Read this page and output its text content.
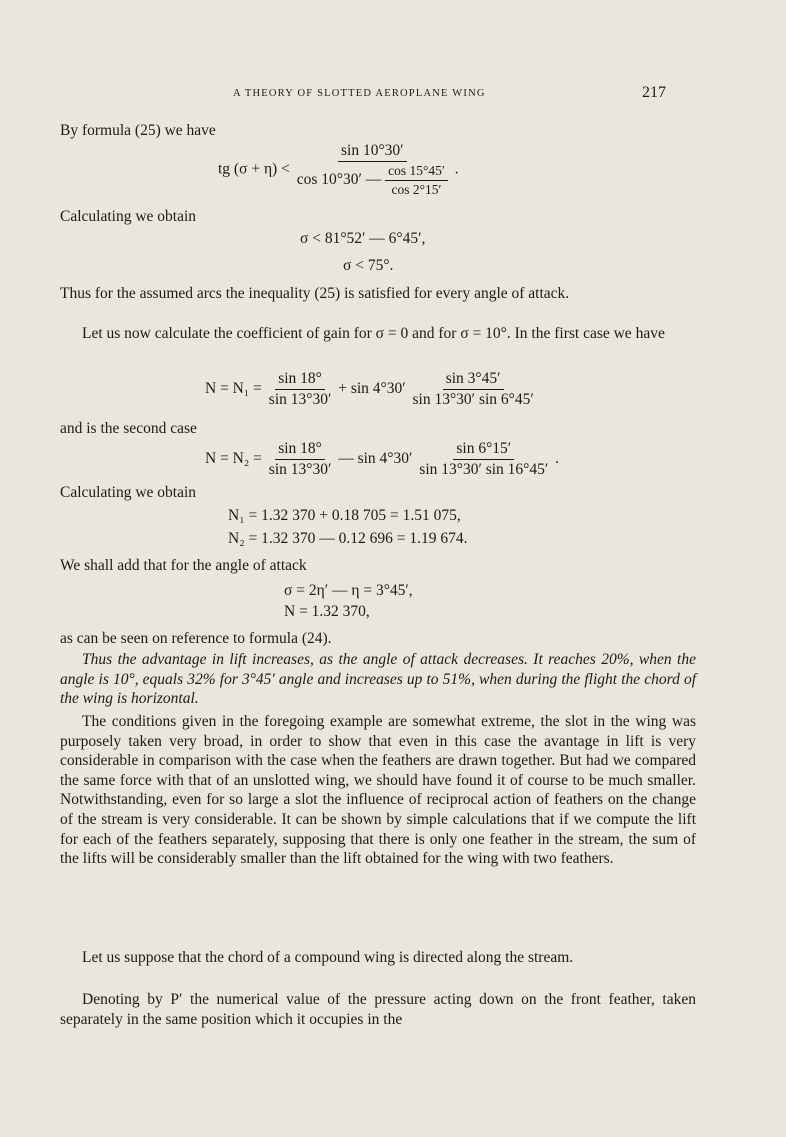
A THEORY OF SLOTTED AEROPLANE WING	217
By formula (25) we have
tg (σ + η) <
sin 10°30′
cos 10°30′ — $\frac{\cos 15^\circ 45'}{\cos 2^\circ 15'}$ .
Calculating we obtain
σ < 81°52′ — 6°45′,
σ < 75°.

Thus for the assumed arcs the inequality (25) is satisfied for every angle of attack.

Let us now calculate the coefficient of gain for σ = 0 and for σ = 10°. In the first case we have

$N = N_1 = \frac{\sin 18^\circ}{\sin 13^\circ 30'} + \sin 4^\circ 30' \frac{\sin 3^\circ 45'}{\sin 13^\circ 30' \sin 6^\circ 45'}$
and is the second case
$N = N_2 = \frac{\sin 18^\circ}{\sin 13^\circ 30'}$ — $\sin 4^\circ 30' \frac{\sin 6^\circ 15'}{\sin 13^\circ 30' \sin 16^\circ 45'}$ .
Calculating we obtain
N₁ = 1.32 370 + 0.18 705 = 1.51 075,
N₂ = 1.32 370 — 0.12 696 = 1.19 674.
We shall add that for the angle of attack
σ = 2η′ — η = 3°45′,
N = 1.32 370,
as can be seen on reference to formula (24).

Thus the advantage in lift increases, as the angle of attack decreases. It reaches 20%, when the angle is 10°, equals 32% for 3°45′ angle and increases up to 51%, when during the flight the chord of the wing is horizontal.

The conditions given in the foregoing example are somewhat extreme, the slot in the wing was purposely taken very broad, in order to show that even in this case the avantage in lift is very considerable in comparison with the case when the feathers are drawn together. But had we compared the same force with that of an unslotted wing, we should have found it of course to be much smaller. Notwithstanding, even for so large a slot the influence of reciprocal action of feathers on the change of the stream is very considerable. It can be shown by simple calculations that if we compute the lift for each of the feathers separately, supposing that there is only one feather in the stream, the sum of the lifts will be considerably smaller than the lift obtained for the wing with two feathers.

Let us suppose that the chord of a compound wing is directed along the stream.

Denoting by P′ the numerical value of the pressure acting down on the front feather, taken separately in the same position which it occupies in the
